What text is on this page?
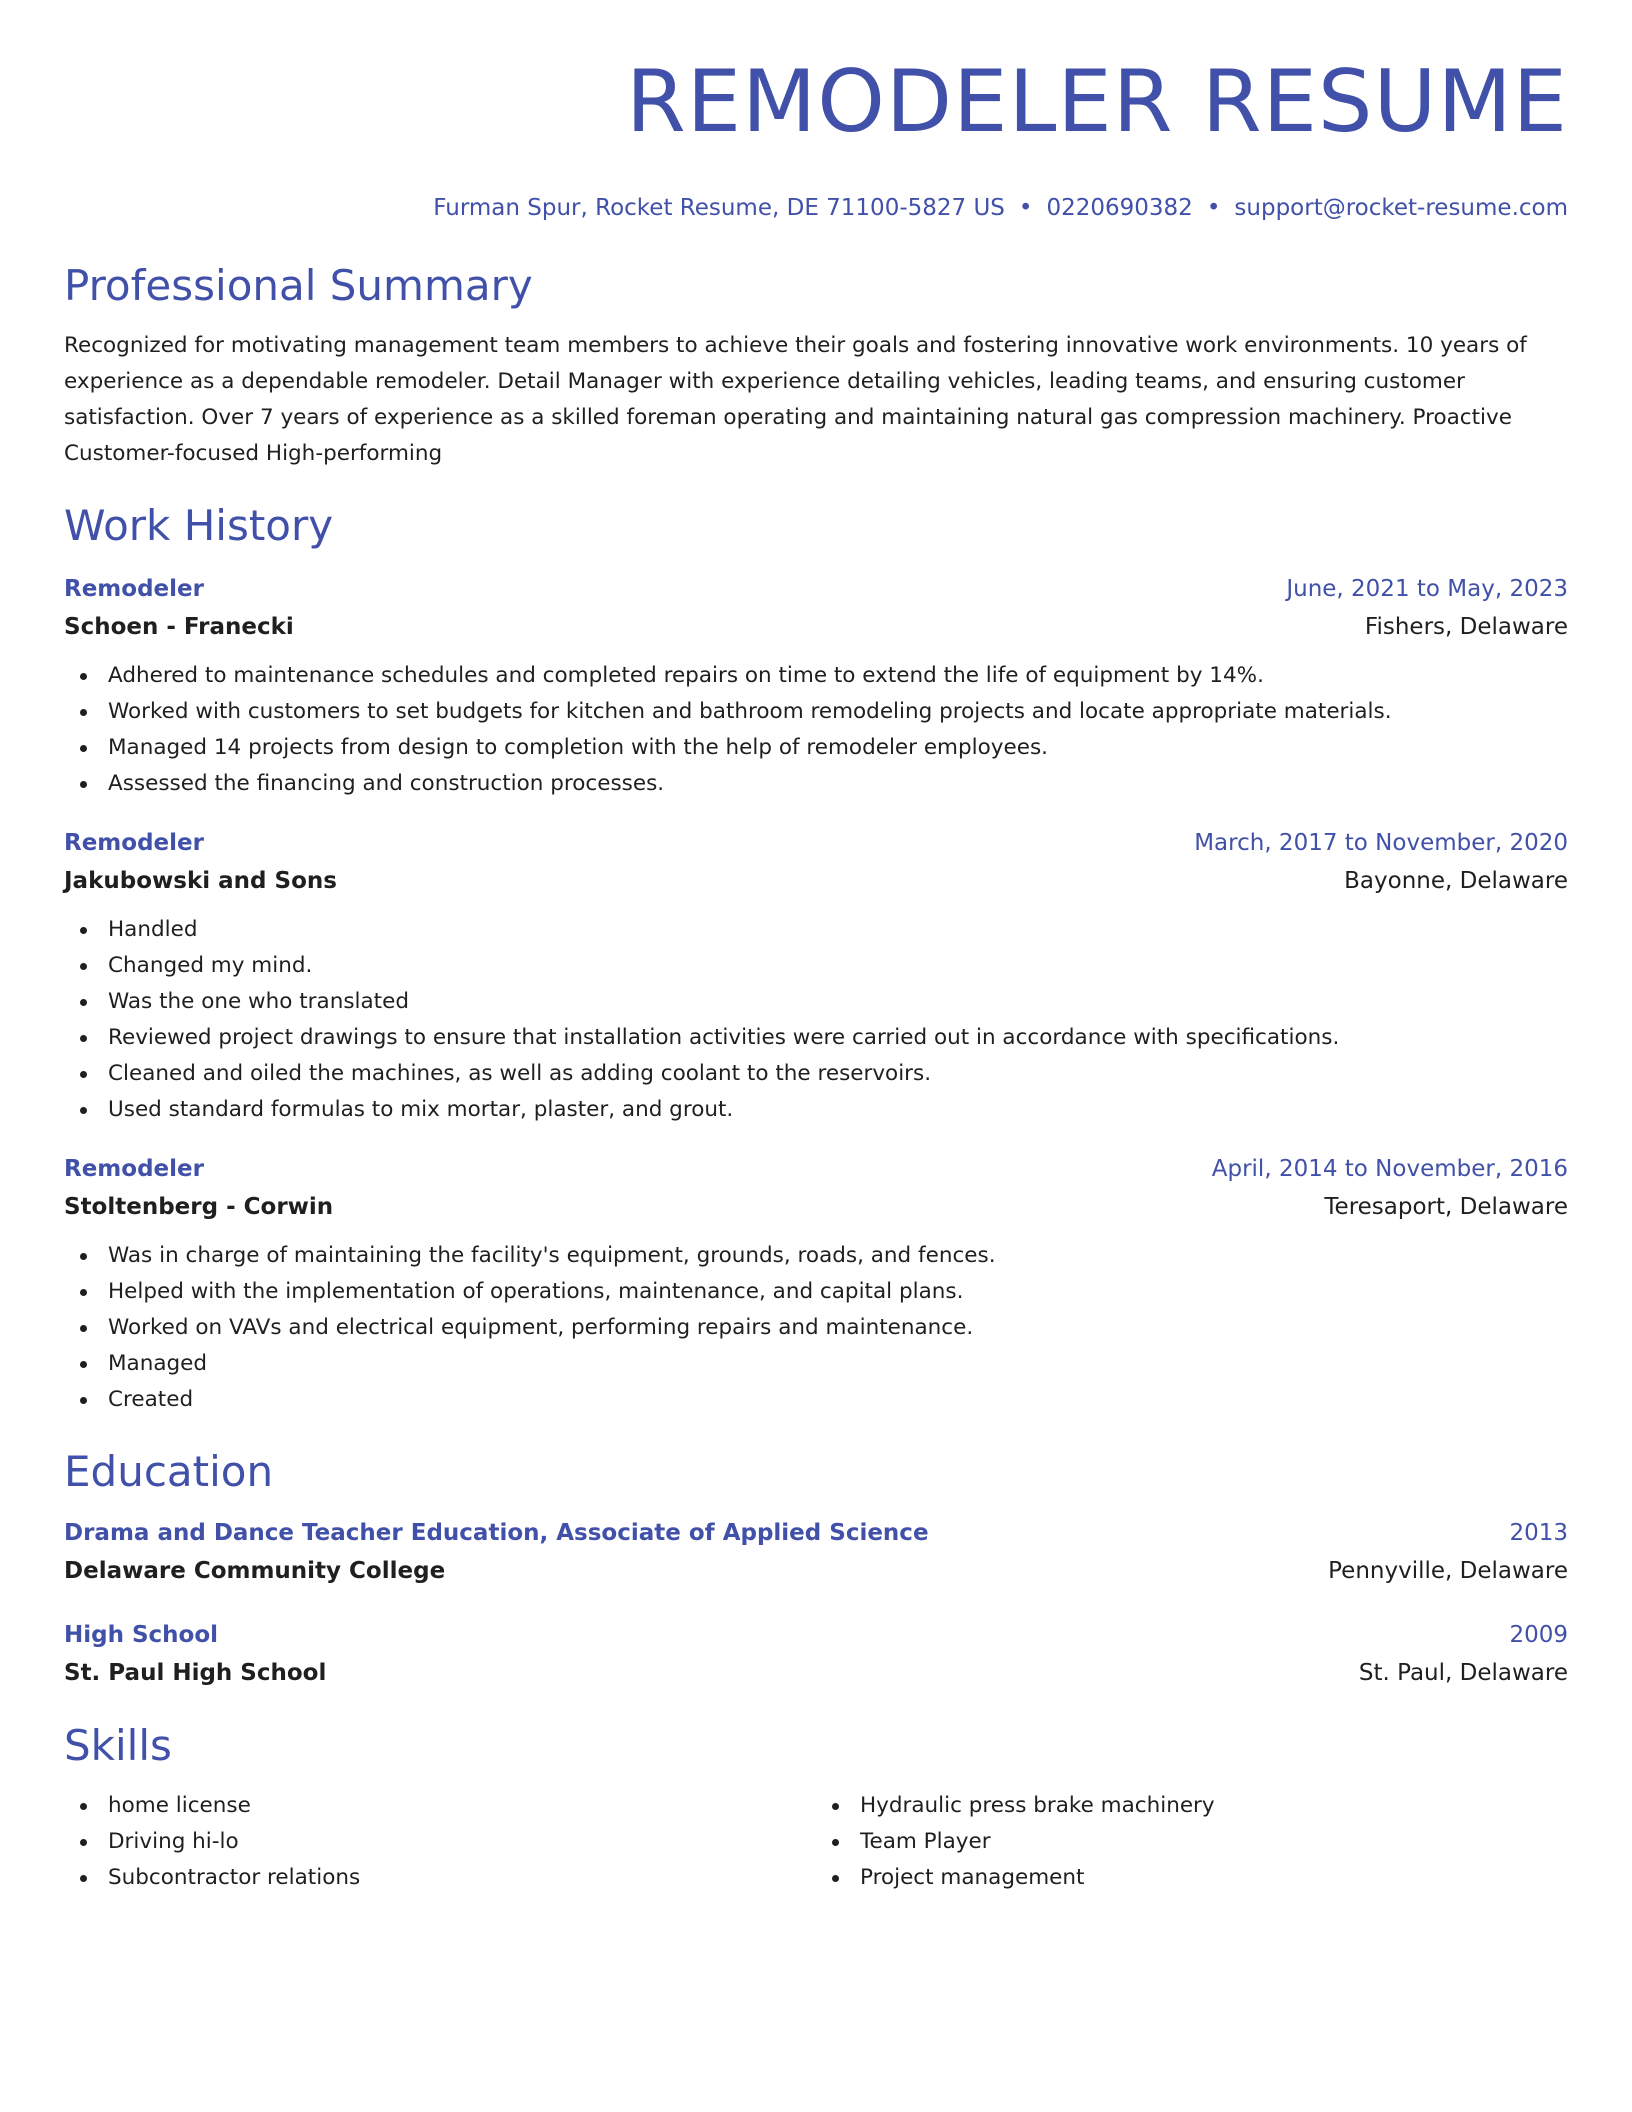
REMODELER RESUME
Furman Spur, Rocket Resume, DE 71100-5827 US • 0220690382 • support@rocket-resume.com
Professional Summary

Recognized for motivating management team members to achieve their goals and fostering innovative work environments. 10 years of experience as a dependable remodeler. Detail Manager with experience detailing vehicles, leading teams, and ensuring customer satisfaction. Over 7 years of experience as a skilled foreman operating and maintaining natural gas compression machinery. Proactive Customer-focused High-performing

Work History
Remodeler	June, 2021 to May, 2023
Schoen - Franecki	Fishers, Delaware
Adhered to maintenance schedules and completed repairs on time to extend the life of equipment by 14%.
Worked with customers to set budgets for kitchen and bathroom remodeling projects and locate appropriate materials.
Managed 14 projects from design to completion with the help of remodeler employees.
Assessed the financing and construction processes.
Remodeler	March, 2017 to November, 2020
Jakubowski and Sons	Bayonne, Delaware
Handled
Changed my mind.
Was the one who translated
Reviewed project drawings to ensure that installation activities were carried out in accordance with specifications.
Cleaned and oiled the machines, as well as adding coolant to the reservoirs.
Used standard formulas to mix mortar, plaster, and grout.
Remodeler	April, 2014 to November, 2016
Stoltenberg - Corwin	Teresaport, Delaware
Was in charge of maintaining the facility's equipment, grounds, roads, and fences.
Helped with the implementation of operations, maintenance, and capital plans.
Worked on VAVs and electrical equipment, performing repairs and maintenance.
Managed
Created
Education
Drama and Dance Teacher Education, Associate of Applied Science	2013
Delaware Community College	Pennyville, Delaware
High School	2009
St. Paul High School	St. Paul, Delaware
Skills
home license
Driving hi-lo
Subcontractor relations
Hydraulic press brake machinery
Team Player
Project management
